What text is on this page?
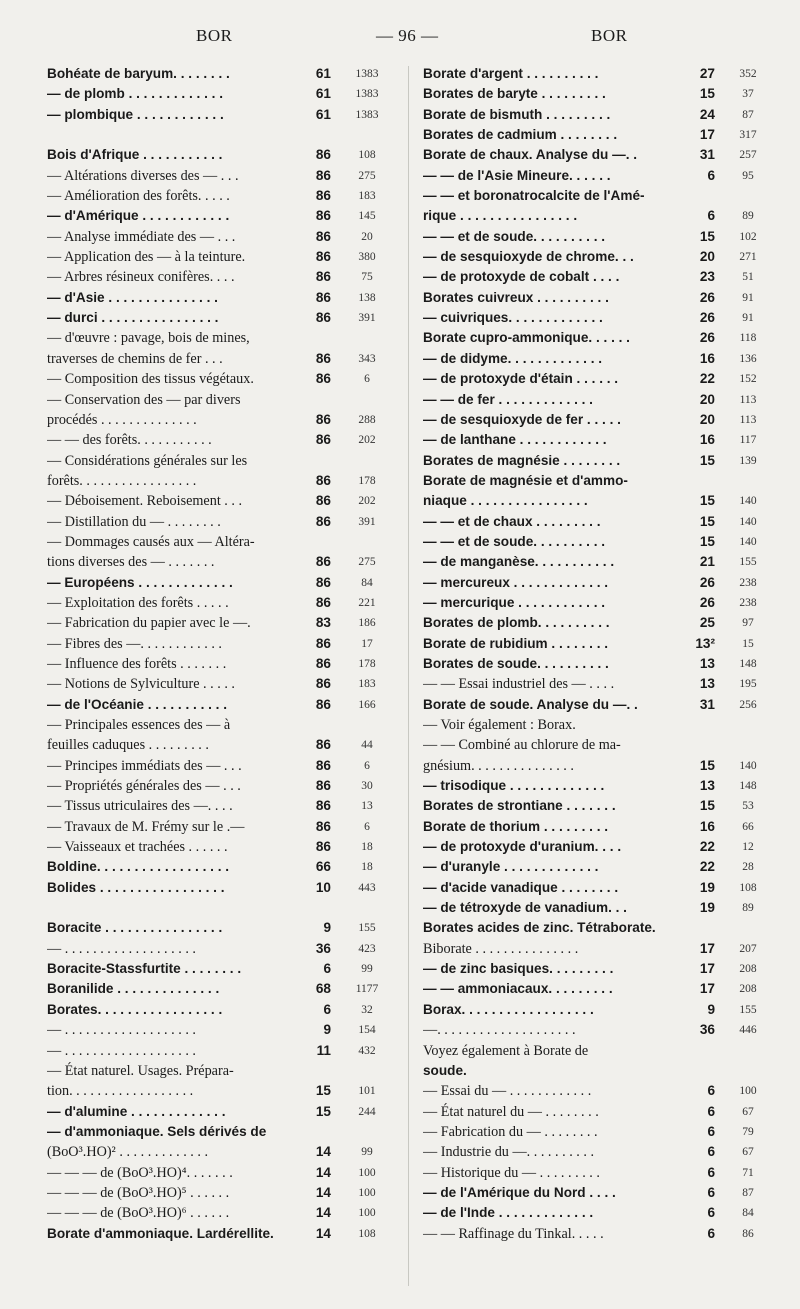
BOR	— 96 —	BOR
Bohéate de baryum. . . . . . . .	61	1383
— de plomb . . . . . . . . . . . . .	61	1383
— plombique . . . . . . . . . . . .	61	1383
Bois d'Afrique . . . . . . . . . . .	86	108
— Altérations diverses des — . . .	86	275
— Amélioration des forêts. . . . .	86	183
— d'Amérique . . . . . . . . . . . .	86	145
— Analyse immédiate des — . . .	86	20
— Application des — à la teinture.	86	380
— Arbres résineux conifères. . . .	86	75
— d'Asie . . . . . . . . . . . . . . .	86	138
— durci . . . . . . . . . . . . . . . .	86	391
— d'œuvre : pavage, bois de mines,
traverses de chemins de fer . . .	86	343
— Composition des tissus végétaux.	86	6
— Conservation des — par divers
procédés . . . . . . . . . . . . . .	86	288
— — des forêts. . . . . . . . . . .	86	202
— Considérations générales sur les
forêts. . . . . . . . . . . . . . . . .	86	178
— Déboisement. Reboisement . . .	86	202
— Distillation du — . . . . . . . .	86	391
— Dommages causés aux — Altéra-
tions diverses des — . . . . . . .	86	275
— Européens . . . . . . . . . . . . .	86	84
— Exploitation des forêts . . . . .	86	221
— Fabrication du papier avec le —.	83	186
— Fibres des —. . . . . . . . . . . .	86	17
— Influence des forêts . . . . . . .	86	178
— Notions de Sylviculture . . . . .	86	183
— de l'Océanie . . . . . . . . . . .	86	166
— Principales essences des — à
feuilles caduques . . . . . . . . .	86	44
— Principes immédiats des — . . .	86	6
— Propriétés générales des — . . .	86	30
— Tissus utriculaires des —. . . .	86	13
— Travaux de M. Frémy sur le .—	86	6
— Vaisseaux et trachées . . . . . .	86	18
Boldine. . . . . . . . . . . . . . . . . .	66	18
Bolides . . . . . . . . . . . . . . . . .	10	443
Boracite . . . . . . . . . . . . . . . .	9	155
— . . . . . . . . . . . . . . . . . . .	36	423
Boracite-Stassfurtite . . . . . . . .	6	99
Boranilide . . . . . . . . . . . . . .	68	1177
Borates. . . . . . . . . . . . . . . . .	6	32
— . . . . . . . . . . . . . . . . . . .	9	154
— . . . . . . . . . . . . . . . . . . .	11	432
— État naturel. Usages. Prépara-
tion. . . . . . . . . . . . . . . . . .	15	101
— d'alumine . . . . . . . . . . . . .	15	244
— d'ammoniaque. Sels dérivés de
(BoO³.HO)² . . . . . . . . . . . . .	14	99
— — — de (BoO³.HO)⁴. . . . . . .	14	100
— — — de (BoO³.HO)⁵ . . . . . .	14	100
— — — de (BoO³.HO)⁶ . . . . . .	14	100
Borate d'ammoniaque. Lardérellite.	14	108
Borate d'argent . . . . . . . . . .	27	352
Borates de baryte . . . . . . . . .	15	37
Borate de bismuth . . . . . . . . .	24	87
Borates de cadmium . . . . . . . .	17	317
Borate de chaux. Analyse du —. .	31	257
— — de l'Asie Mineure. . . . . .	6	95
— — et boronatrocalcite de l'Amé-
rique . . . . . . . . . . . . . . . .	6	89
— — et de soude. . . . . . . . . .	15	102
— de sesquioxyde de chrome. . .	20	271
— de protoxyde de cobalt . . . .	23	51
Borates cuivreux . . . . . . . . . .	26	91
— cuivriques. . . . . . . . . . . . .	26	91
Borate cupro-ammonique. . . . . .	26	118
— de didyme. . . . . . . . . . . . .	16	136
— de protoxyde d'étain . . . . . .	22	152
— — de fer . . . . . . . . . . . . .	20	113
— de sesquioxyde de fer . . . . .	20	113
— de lanthane . . . . . . . . . . . .	16	117
Borates de magnésie . . . . . . . .	15	139
Borate de magnésie et d'ammo-
niaque . . . . . . . . . . . . . . . .	15	140
— — et de chaux . . . . . . . . .	15	140
— — et de soude. . . . . . . . . .	15	140
— de manganèse. . . . . . . . . . .	21	155
— mercureux . . . . . . . . . . . . .	26	238
— mercurique . . . . . . . . . . . .	26	238
Borates de plomb. . . . . . . . . .	25	97
Borate de rubidium . . . . . . . .	13²	15
Borates de soude. . . . . . . . . .	13	148
— — Essai industriel des — . . . .	13	195
Borate de soude. Analyse du —. .	31	256
— Voir également : Borax.
— — Combiné au chlorure de ma-
gnésium. . . . . . . . . . . . . . .	15	140
— trisodique . . . . . . . . . . . . .	13	148
Borates de strontiane . . . . . . .	15	53
Borate de thorium . . . . . . . . .	16	66
— de protoxyde d'uranium. . . .	22	12
— d'uranyle . . . . . . . . . . . . .	22	28
— d'acide vanadique . . . . . . . .	19	108
— de tétroxyde de vanadium. . .	19	89
Borates acides de zinc. Tétraborate.
Biborate . . . . . . . . . . . . . . .	17	207
— de zinc basiques. . . . . . . . .	17	208
— — ammoniacaux. . . . . . . . .	17	208
Borax. . . . . . . . . . . . . . . . . .	9	155
—. . . . . . . . . . . . . . . . . . . .	36	446
Voyez également à Borate de
soude.
— Essai du — . . . . . . . . . . . .	6	100
— État naturel du — . . . . . . . .	6	67
— Fabrication du — . . . . . . . .	6	79
— Industrie du —. . . . . . . . . .	6	67
— Historique du — . . . . . . . . .	6	71
— de l'Amérique du Nord . . . .	6	87
— de l'Inde . . . . . . . . . . . . .	6	84
— — Raffinage du Tinkal. . . . .	6	86
